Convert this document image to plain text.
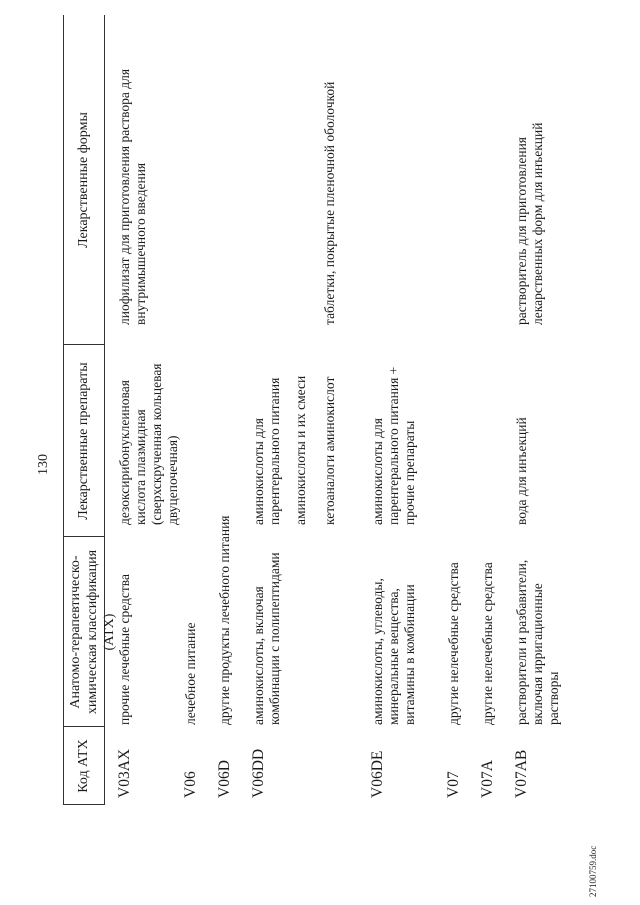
130
Код АТХ
Анатомо-терапевтическо-химическая классификация (АТХ)
Лекарственные препараты
Лекарственные формы
V03AX
прочие лечебные средства
дезоксирибонуклеиновая кислота плазмидная (сверхскрученная кольцевая двуцепочечная)
лиофилизат для приготовления раствора для внутримышечного введения
V06
лечебное питание
V06D
другие продукты лечебного питания
V06DD
аминокислоты, включая комбинации с полипептидами
аминокислоты для парентерального питания аминокислоты и их смеси кетоаналоги аминокислот
таблетки, покрытые пленочной оболочкой
V06DE
аминокислоты, углеводы, минеральные вещества, витамины в комбинации
аминокислоты для парентерального питания + прочие препараты
V07
другие нелечебные средства
V07A
другие нелечебные средства
V07AB
растворители и разбавители, включая ирригационные растворы
вода для инъекций
растворитель для приготовления лекарственных форм для инъекций
27100759.doc
